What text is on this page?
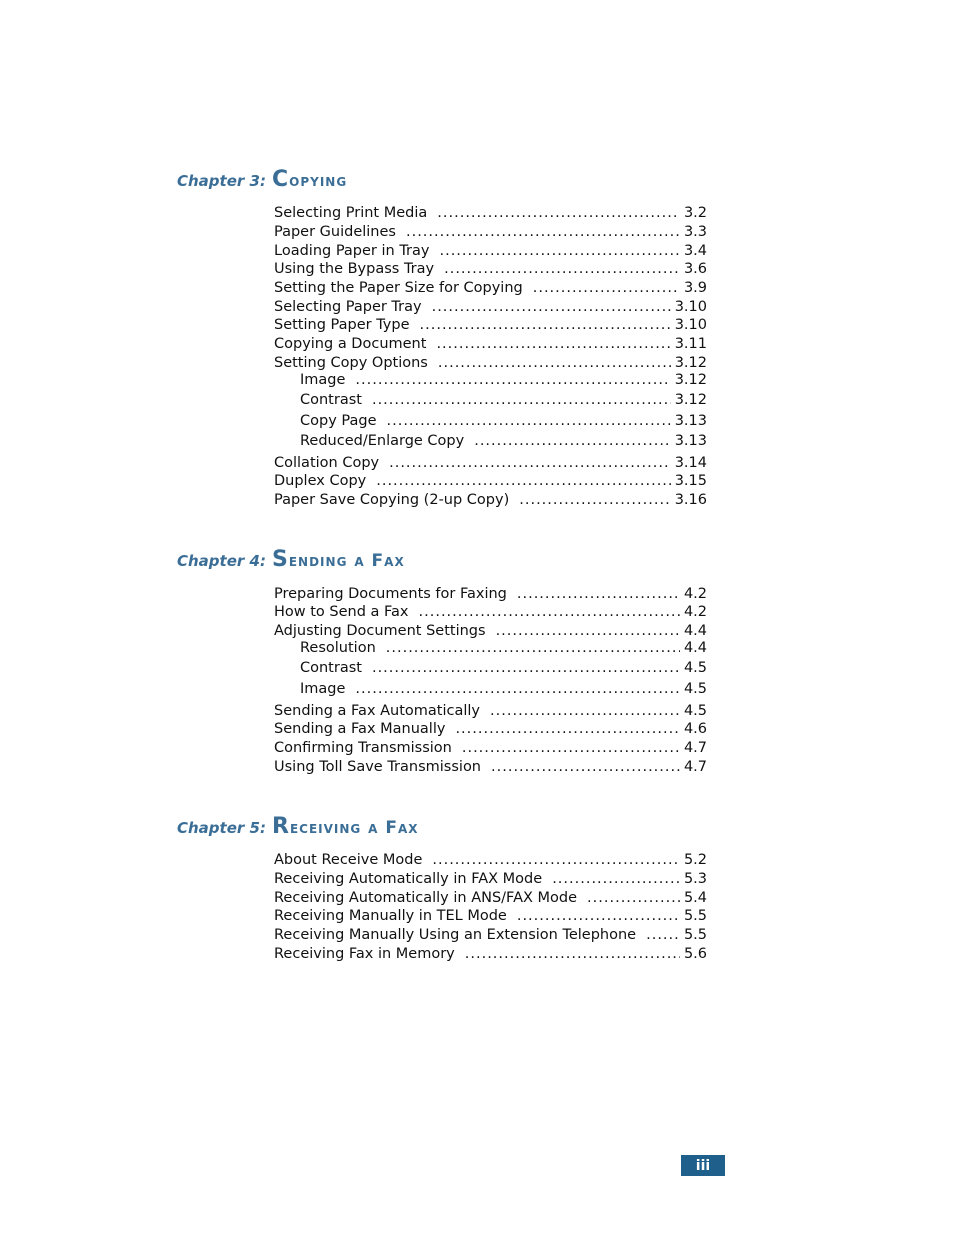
Chapter 3: Copying
Selecting Print Media .....	3.2
Paper Guidelines .....	3.3
Loading Paper in Tray .....	3.4
Using the Bypass Tray .....	3.6
Setting the Paper Size for Copying .....	3.9
Selecting Paper Tray .....	3.10
Setting Paper Type .....	3.10
Copying a Document .....	3.11
Setting Copy Options .....	3.12
Image .....	3.12
Contrast .....	3.12
Copy Page .....	3.13
Reduced/Enlarge Copy .....	3.13
Collation Copy .....	3.14
Duplex Copy .....	3.15
Paper Save Copying (2-up Copy) .....	3.16
Chapter 4: Sending a Fax
Preparing Documents for Faxing .....	4.2
How to Send a Fax .....	4.2
Adjusting Document Settings .....	4.4
Resolution .....	4.4
Contrast .....	4.5
Image .....	4.5
Sending a Fax Automatically .....	4.5
Sending a Fax Manually .....	4.6
Confirming Transmission .....	4.7
Using Toll Save Transmission .....	4.7
Chapter 5: Receiving a Fax
About Receive Mode .....	5.2
Receiving Automatically in FAX Mode .....	5.3
Receiving Automatically in ANS/FAX Mode .....	5.4
Receiving Manually in TEL Mode .....	5.5
Receiving Manually Using an Extension Telephone .....	5.5
Receiving Fax in Memory .....	5.6
iii
